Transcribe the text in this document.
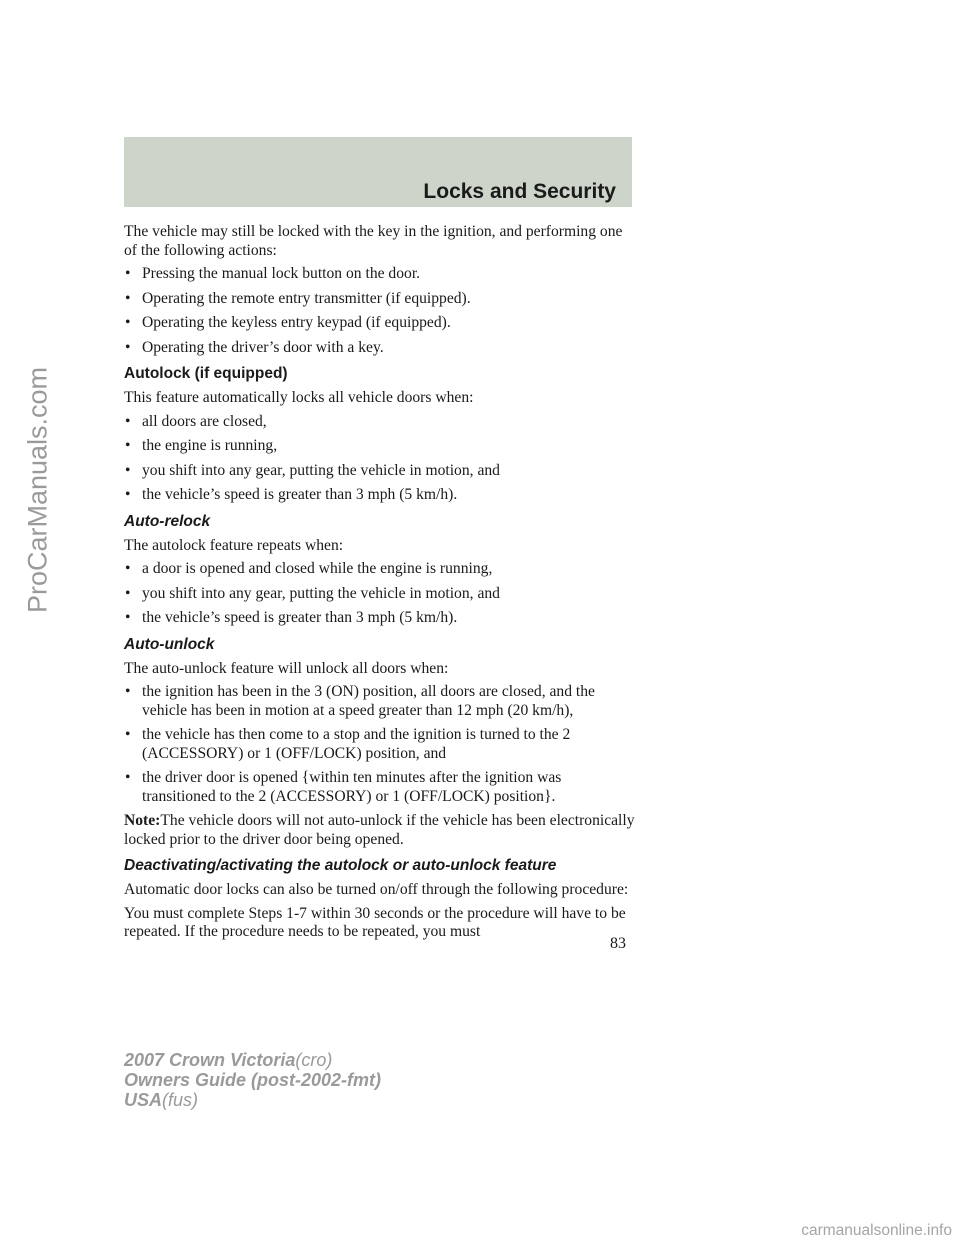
Locks and Security

The vehicle may still be locked with the key in the ignition, and performing one of the following actions:

• Pressing the manual lock button on the door.
• Operating the remote entry transmitter (if equipped).
• Operating the keyless entry keypad (if equipped).
• Operating the driver’s door with a key.
Autolock (if equipped)

This feature automatically locks all vehicle doors when:

• all doors are closed,
• the engine is running,
• you shift into any gear, putting the vehicle in motion, and
• the vehicle’s speed is greater than 3 mph (5 km/h).
Auto-relock

The autolock feature repeats when:

• a door is opened and closed while the engine is running,
• you shift into any gear, putting the vehicle in motion, and
• the vehicle’s speed is greater than 3 mph (5 km/h).
Auto-unlock

The auto-unlock feature will unlock all doors when:

• the ignition has been in the 3 (ON) position, all doors are closed, and the vehicle has been in motion at a speed greater than 12 mph (20 km/h),
• the vehicle has then come to a stop and the ignition is turned to the 2 (ACCESSORY) or 1 (OFF/LOCK) position, and
• the driver door is opened {within ten minutes after the ignition was transitioned to the 2 (ACCESSORY) or 1 (OFF/LOCK) position}.

Note:The vehicle doors will not auto-unlock if the vehicle has been electronically locked prior to the driver door being opened.

Deactivating/activating the autolock or auto-unlock feature

Automatic door locks can also be turned on/off through the following procedure:

You must complete Steps 1-7 within 30 seconds or the procedure will have to be repeated. If the procedure needs to be repeated, you must

83

2007 Crown Victoria(cro)
Owners Guide (post-2002-fmt)
USA(fus)
ProCarManuals.com
carmanualsonline.info
